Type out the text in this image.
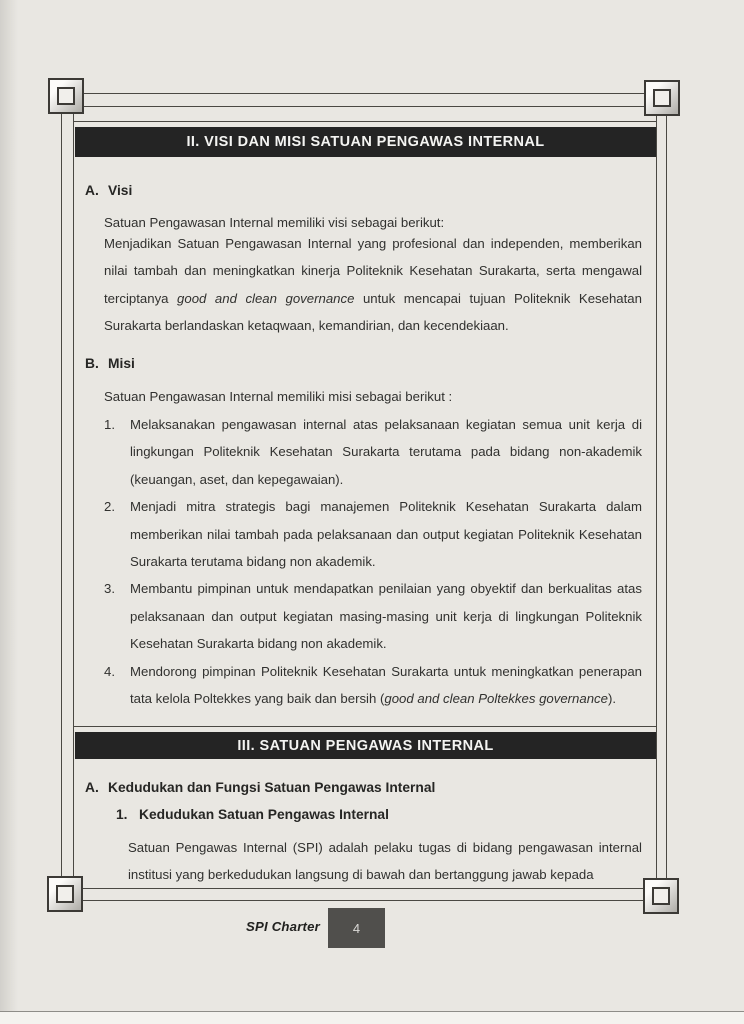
II. VISI DAN MISI SATUAN PENGAWAS INTERNAL
A. Visi
Satuan Pengawasan Internal memiliki visi sebagai berikut:
Menjadikan Satuan Pengawasan Internal yang profesional dan independen, memberikan nilai tambah dan meningkatkan kinerja Politeknik Kesehatan Surakarta, serta mengawal terciptanya good and clean governance untuk mencapai tujuan Politeknik Kesehatan Surakarta berlandaskan ketaqwaan, kemandirian, dan kecendekiaan.
B. Misi
Satuan Pengawasan Internal memiliki misi sebagai berikut :
1.	Melaksanakan pengawasan internal atas pelaksanaan kegiatan semua unit kerja di lingkungan Politeknik Kesehatan Surakarta terutama pada bidang non-akademik (keuangan, aset, dan kepegawaian).
2.	Menjadi mitra strategis bagi manajemen Politeknik Kesehatan Surakarta dalam memberikan nilai tambah pada pelaksanaan dan output kegiatan Politeknik Kesehatan Surakarta terutama bidang non akademik.
3.	Membantu pimpinan untuk mendapatkan penilaian yang obyektif dan berkualitas atas pelaksanaan dan output kegiatan masing-masing unit kerja di lingkungan Politeknik Kesehatan Surakarta bidang non akademik.
4.	Mendorong pimpinan Politeknik Kesehatan Surakarta untuk meningkatkan penerapan tata kelola Poltekkes yang baik dan bersih (good and clean Poltekkes governance).
III. SATUAN PENGAWAS INTERNAL
A. Kedudukan dan Fungsi Satuan Pengawas Internal
1. Kedudukan Satuan Pengawas Internal
Satuan Pengawas Internal (SPI) adalah pelaku tugas di bidang pengawasan internal institusi yang berkedudukan langsung di bawah dan bertanggung jawab kepada
SPI Charter	4
